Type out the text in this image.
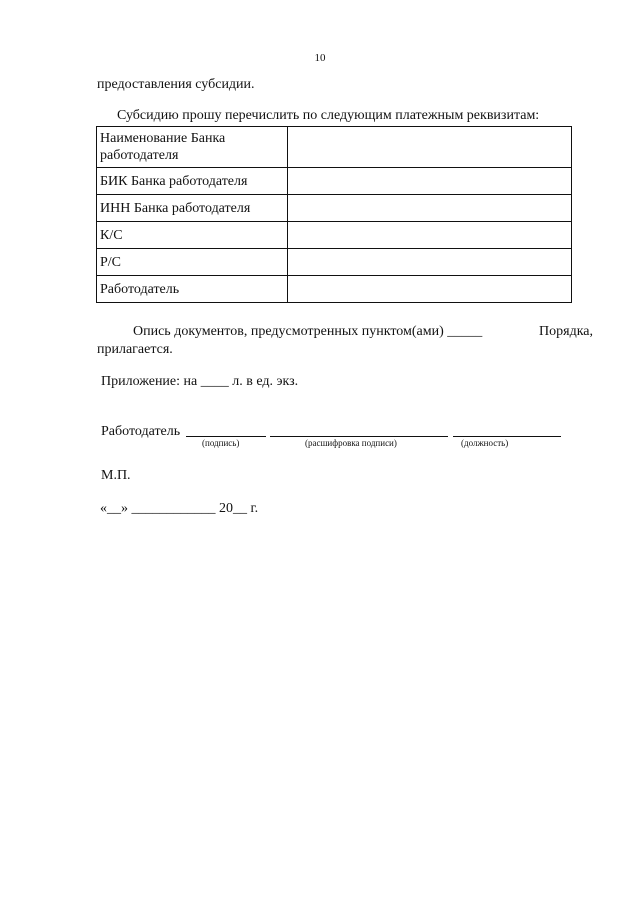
10
предоставления субсидии.
Субсидию прошу перечислить по следующим платежным реквизитам:
Наименование Банка работодателя	
БИК Банка работодателя	
ИНН Банка работодателя	
К/С	
Р/С	
Работодатель	
Опись документов, предусмотренных пунктом(ами) _____	Порядка,
прилагается.
Приложение: на ____ л. в ед. экз.
Работодатель
(подпись)	(расшифровка подписи)	(должность)
М.П.
«__» ____________ 20__ г.
